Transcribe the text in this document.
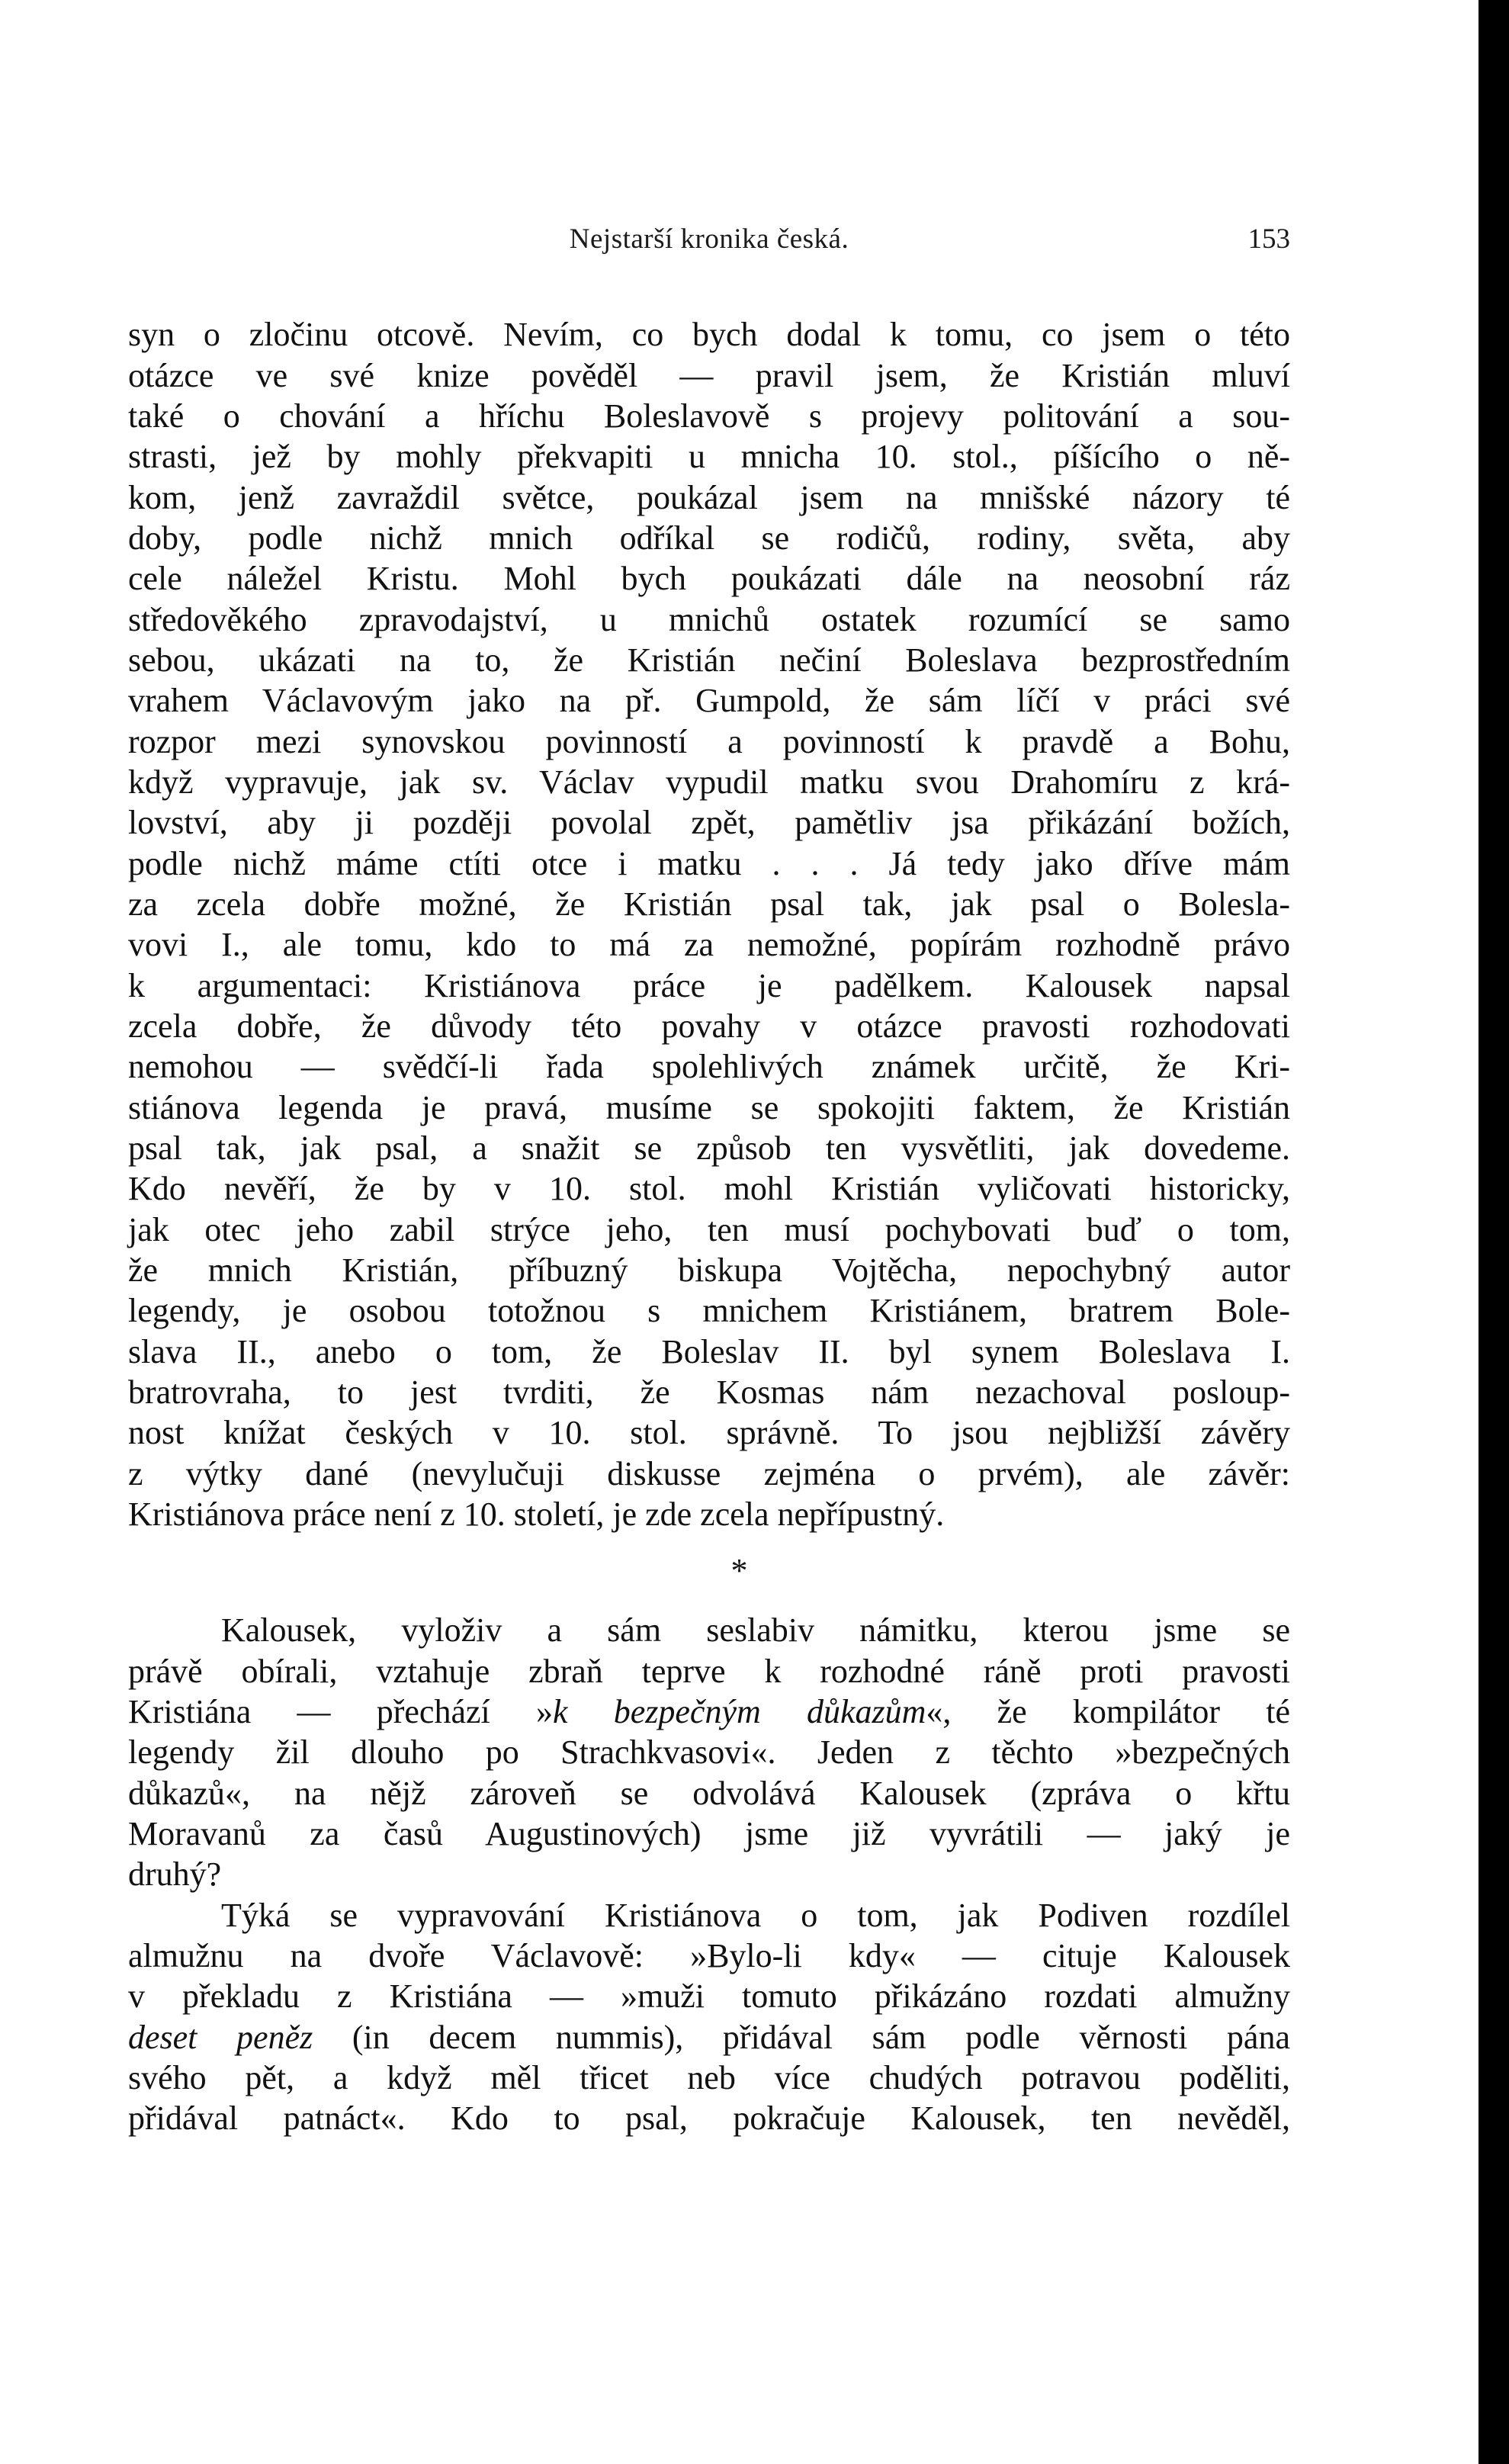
Nejstarší kronika česká.	153
syn o zločinu otcově. Nevím, co bych dodal k tomu, co jsem o této
otázce ve své knize pověděl — pravil jsem, že Kristián mluví
také o chování a hříchu Boleslavově s projevy politování a sou-
strasti, jež by mohly překvapiti u mnicha 10. stol., píšícího o ně-
kom, jenž zavraždil světce, poukázal jsem na mnišské názory té
doby, podle nichž mnich odříkal se rodičů, rodiny, světa, aby
cele náležel Kristu. Mohl bych poukázati dále na neosobní ráz
středověkého zpravodajství, u mnichů ostatek rozumící se samo
sebou, ukázati na to, že Kristián nečiní Boleslava bezprostředním
vrahem Václavovým jako na př. Gumpold, že sám líčí v práci své
rozpor mezi synovskou povinností a povinností k pravdě a Bohu,
když vypravuje, jak sv. Václav vypudil matku svou Drahomíru z krá-
lovství, aby ji později povolal zpět, pamětliv jsa přikázání božích,
podle nichž máme ctíti otce i matku . . . Já tedy jako dříve mám
za zcela dobře možné, že Kristián psal tak, jak psal o Bolesla-
vovi I., ale tomu, kdo to má za nemožné, popírám rozhodně právo
k argumentaci: Kristiánova práce je padělkem. Kalousek napsal
zcela dobře, že důvody této povahy v otázce pravosti rozhodovati
nemohou — svědčí-li řada spolehlivých známek určitě, že Kri-
stiánova legenda je pravá, musíme se spokojiti faktem, že Kristián
psal tak, jak psal, a snažit se způsob ten vysvětliti, jak dovedeme.
Kdo nevěří, že by v 10. stol. mohl Kristián vyličovati historicky,
jak otec jeho zabil strýce jeho, ten musí pochybovati buď o tom,
že mnich Kristián, příbuzný biskupa Vojtěcha, nepochybný autor
legendy, je osobou totožnou s mnichem Kristiánem, bratrem Bole-
slava II., anebo o tom, že Boleslav II. byl synem Boleslava I.
bratrovraha, to jest tvrditi, že Kosmas nám nezachoval posloup-
nost knížat českých v 10. stol. správně. To jsou nejbližší závěry
z výtky dané (nevylučuji diskusse zejména o prvém), ale závěr:
Kristiánova práce není z 10. století, je zde zcela nepřípustný.
*
Kalousek, vyloživ a sám seslabiv námitku, kterou jsme se
právě obírali, vztahuje zbraň teprve k rozhodné ráně proti pravosti
Kristiána — přechází »k bezpečným důkazům«, že kompilátor té
legendy žil dlouho po Strachkvasovi«. Jeden z těchto »bezpečných
důkazů«, na nějž zároveň se odvolává Kalousek (zpráva o křtu
Moravanů za časů Augustinových) jsme již vyvrátili — jaký je
druhý?
Týká se vypravování Kristiánova o tom, jak Podiven rozdílel
almužnu na dvoře Václavově: »Bylo-li kdy« — cituje Kalousek
v překladu z Kristiána — »muži tomuto přikázáno rozdati almužny
deset peněz (in decem nummis), přidával sám podle věrnosti pána
svého pět, a když měl třicet neb více chudých potravou poděliti,
přidával patnáct«. Kdo to psal, pokračuje Kalousek, ten nevěděl,
